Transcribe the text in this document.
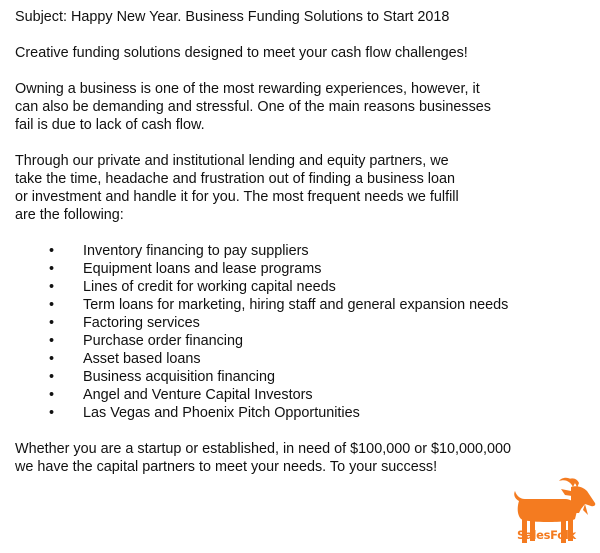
Subject: Happy New Year. Business Funding Solutions to Start 2018

Creative funding solutions designed to meet your cash flow challenges!

Owning a business is one of the most rewarding experiences, however, it
can also be demanding and stressful. One of the main reasons businesses
fail is due to lack of cash flow.

Through our private and institutional lending and equity partners, we
take the time, headache and frustration out of finding a business loan
or investment and handle it for you. The most frequent needs we fulfill
are the following:

• Inventory financing to pay suppliers
• Equipment loans and lease programs
• Lines of credit for working capital needs
• Term loans for marketing, hiring staff and general expansion needs
• Factoring services
• Purchase order financing
• Asset based loans
• Business acquisition financing
• Angel and Venture Capital Investors
• Las Vegas and Phoenix Pitch Opportunities

Whether you are a startup or established, in need of $100,000 or $10,000,000
we have the capital partners to meet your needs. To your success!

SalesFolk
